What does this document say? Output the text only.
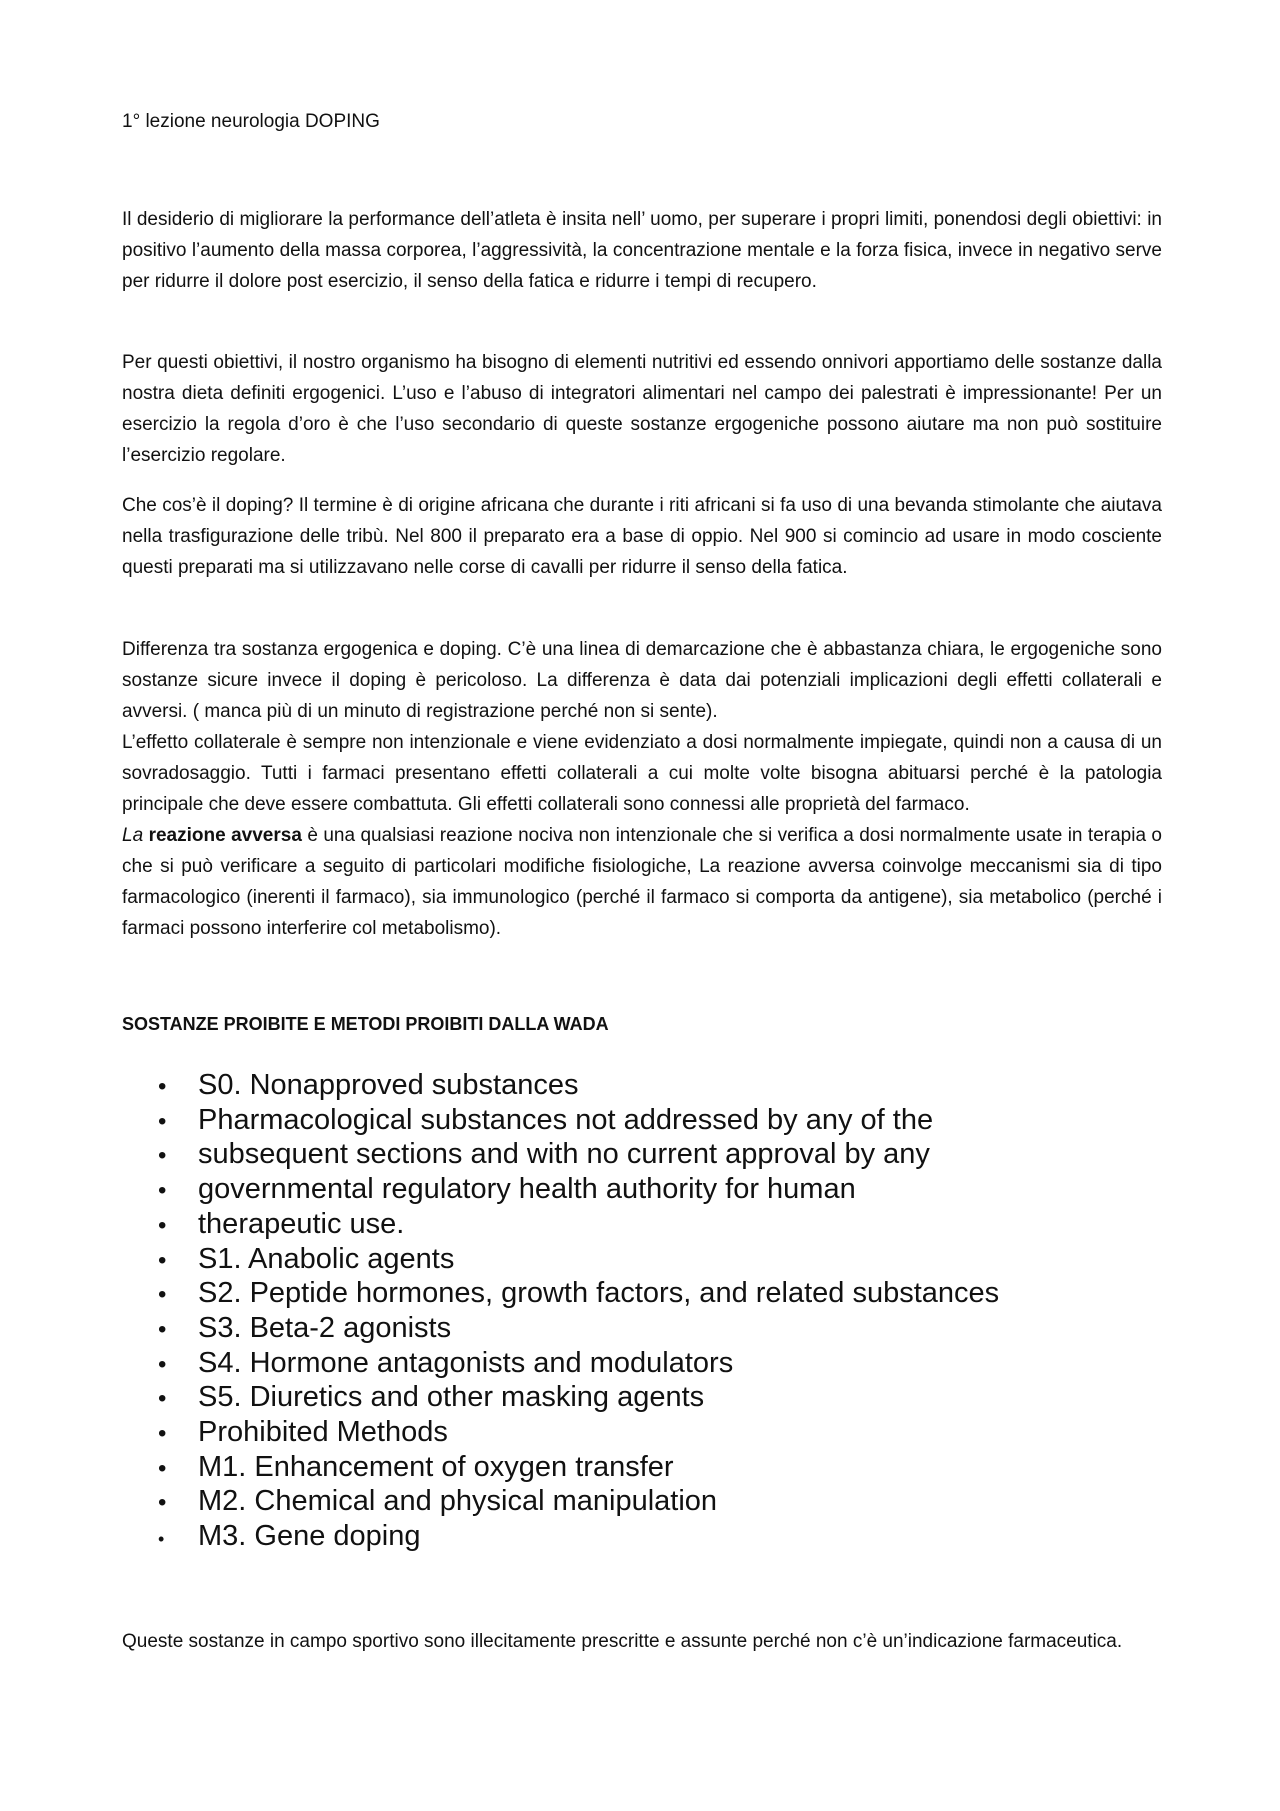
1° lezione neurologia DOPING

Il desiderio di migliorare la performance dell’atleta è insita nell’ uomo, per superare i propri limiti, ponendosi degli obiettivi: in positivo l’aumento della massa corporea, l’aggressività, la concentrazione mentale e la forza fisica, invece in negativo serve per ridurre il dolore post esercizio, il senso della fatica e ridurre i tempi di recupero.

Per questi obiettivi, il nostro organismo ha bisogno di elementi nutritivi ed essendo onnivori apportiamo delle sostanze dalla nostra dieta definiti ergogenici. L’uso e l’abuso di integratori alimentari nel campo dei palestrati è impressionante! Per un esercizio la regola d’oro è che l’uso secondario di queste sostanze ergogeniche possono aiutare ma non può sostituire l’esercizio regolare.

Che cos’è il doping? Il termine è di origine africana che durante i riti africani si fa uso di una bevanda stimolante che aiutava nella trasfigurazione delle tribù. Nel 800 il preparato era a base di oppio. Nel 900 si comincio ad usare in modo cosciente questi preparati ma si utilizzavano nelle corse di cavalli per ridurre il senso della fatica.

Differenza tra sostanza ergogenica e doping. C’è una linea di demarcazione che è abbastanza chiara, le ergogeniche sono sostanze sicure invece il doping è pericoloso. La differenza è data dai potenziali implicazioni degli effetti collaterali e avversi. ( manca più di un minuto di registrazione perché non si sente).

L’effetto collaterale è sempre non intenzionale e viene evidenziato a dosi normalmente impiegate, quindi non a causa di un sovradosaggio. Tutti i farmaci presentano effetti collaterali a cui molte volte bisogna abituarsi perché è la patologia principale che deve essere combattuta. Gli effetti collaterali sono connessi alle proprietà del farmaco.

La reazione avversa è una qualsiasi reazione nociva non intenzionale che si verifica a dosi normalmente usate in terapia o che si può verificare a seguito di particolari modifiche fisiologiche, La reazione avversa coinvolge meccanismi sia di tipo farmacologico (inerenti il farmaco), sia immunologico (perché il farmaco si comporta da antigene), sia metabolico (perché i farmaci possono interferire col metabolismo).

SOSTANZE PROIBITE E METODI PROIBITI DALLA WADA

•	S0. Nonapproved substances
•	Pharmacological substances not addressed by any of the
•	subsequent sections and with no current approval by any
•	governmental regulatory health authority for human
•	therapeutic use.
•	S1. Anabolic agents
•	S2. Peptide hormones, growth factors, and related substances
•	S3. Beta-2 agonists
•	S4. Hormone antagonists and modulators
•	S5. Diuretics and other masking agents
•	Prohibited Methods
•	M1. Enhancement of oxygen transfer
•	M2. Chemical and physical manipulation
•	M3. Gene doping

Queste sostanze in campo sportivo sono illecitamente prescritte e assunte perché non c’è un’indicazione farmaceutica.
